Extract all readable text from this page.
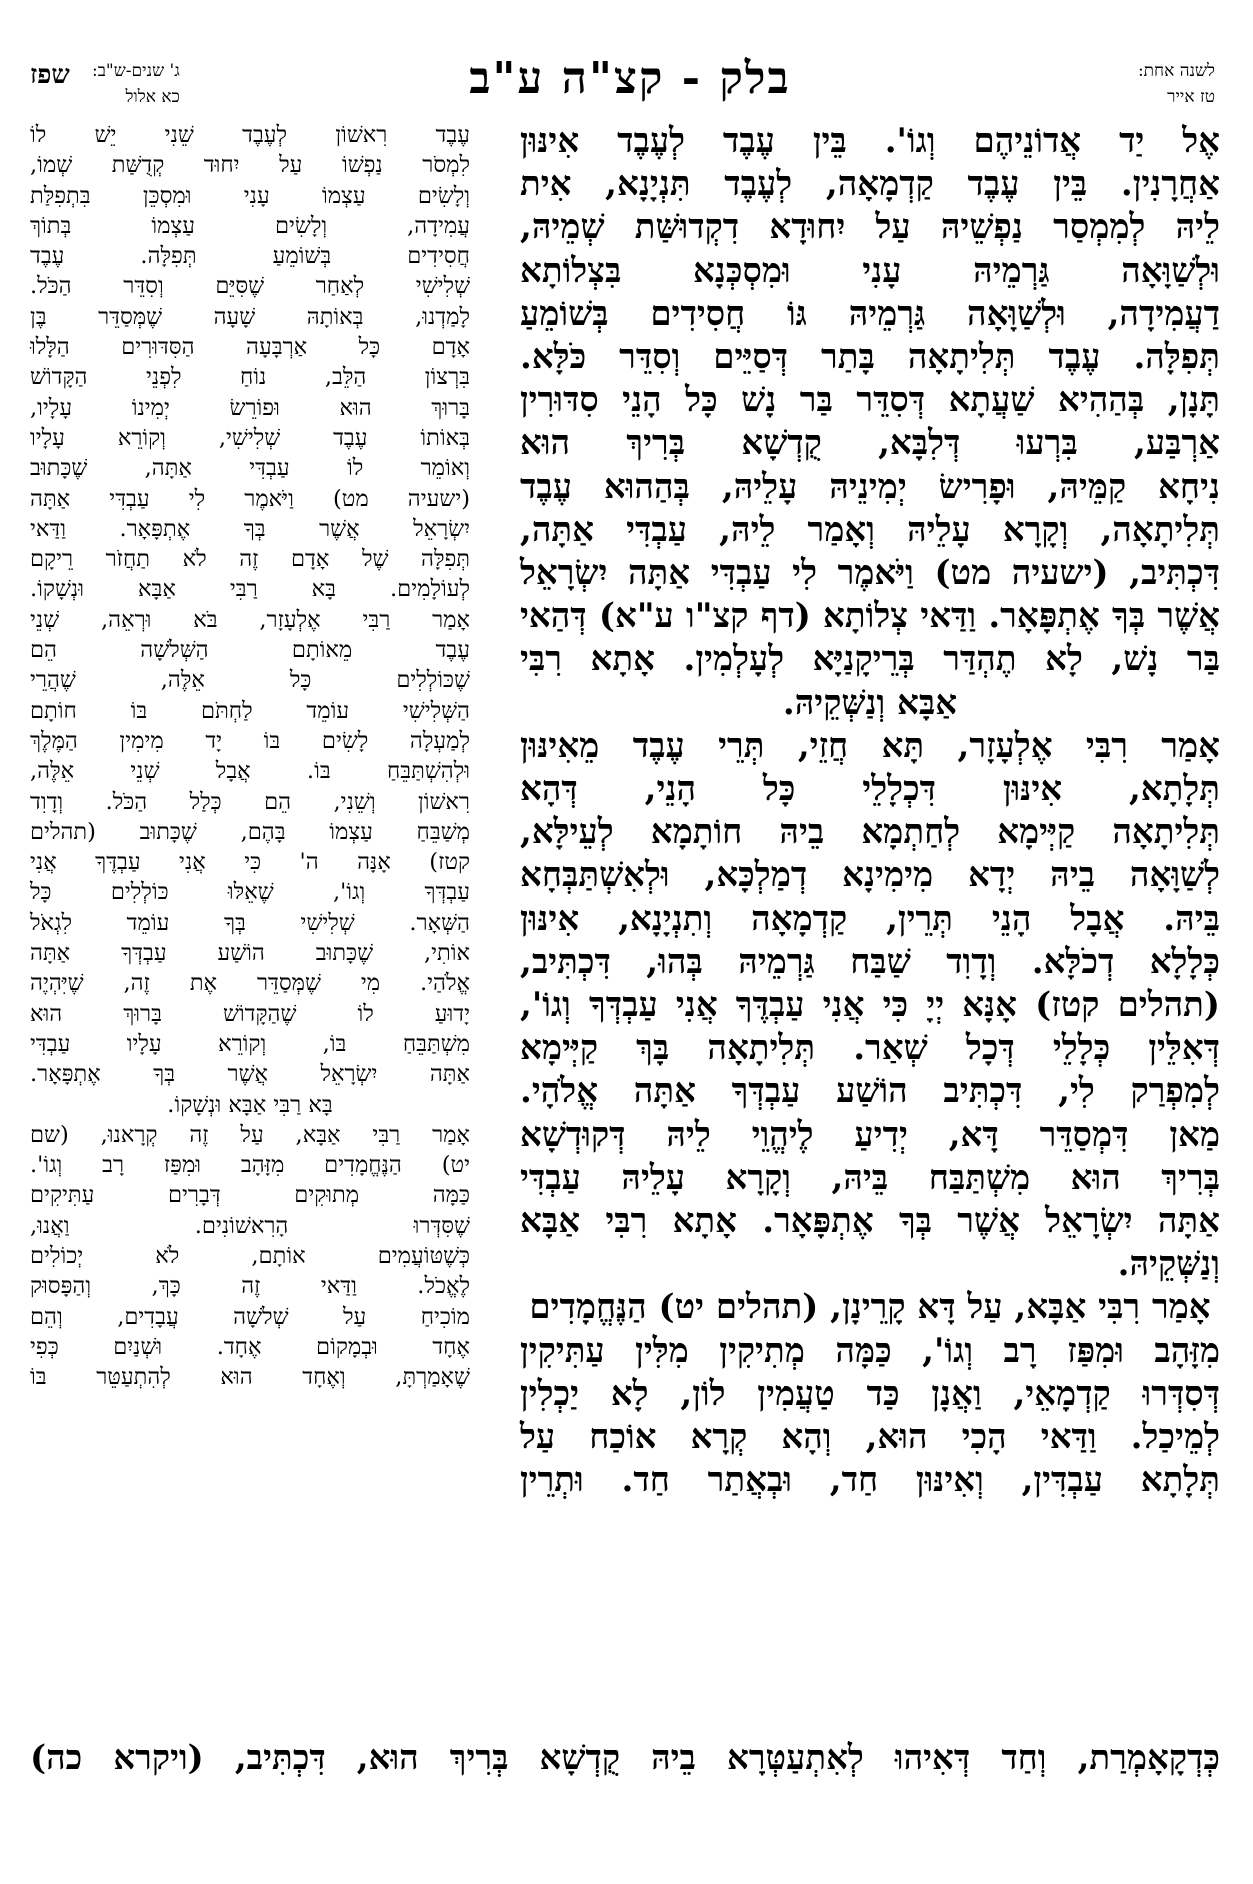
לשנה אחת:
טז אייר
בלק - קצ"ה ע"ב
ג' שנים-ש"ב:
כא אלול
שפז

אֶל יַד אֲדוֹנֵיהֶם וְגוֹ'. בֵּין עֶבֶד לְעֶבֶד אִינּוּן

אַחֲרָנִין. בֵּין עֶבֶד קַדְמָאָה, לְעֶבֶד תִּנְיָנָא, אִית

לֵיהּ לְמִמְסַר נַפְשֵׁיהּ עַל יִחוּדָא דִקְדוּשַּׁת שְׁמֵיהּ,

וּלְשַׁוָּאָה גַּרְמֵיהּ עָנִי וּמִסְכְּנָא בִּצְלוֹתָא

דַעֲמִידָה, וּלְשַׁוָּאָה גַּרְמֵיהּ גּוֹ חֲסִידִים בְּשׁוֹמֵעַ

תְּפִלָּה. עֶבֶד תְּלִיתָאָה בָּתַר דְּסַיֵּים וְסִדֵּר כֹּלָּא.

תָּנָן, בְּהַהִיא שַׁעֲתָא דְּסִדֵּר בַּר נָשׁ כָּל הָנֵי סִדּוּרִין

אַרְבַּע, בִּרְעוּ דְּלִבָּא, קֻדְשָׁא בְּרִיךְ הוּא

נִיחָא קַמֵּיהּ, וּפָרִישׂ יְמִינֵיהּ עָלֵיהּ, בְּהַהוּא עֶבֶד

תְּלִיתָאָה, וְקָרָא עָלֵיהּ וְאָמַר לֵיהּ, עַבְדִּי אַתָּה,

דִּכְתִּיב, (ישעיה מט) וַיֹּאמֶר לִי עַבְדִּי אַתָּה יִשְׂרָאֵל

אֲשֶׁר בְּךָ אֶתְפָּאָר. וַדַּאי צְלוֹתָא (דף קצ"ו ע"א) דְּהַאי

בַּר נָשׁ, לָא תֶהְדַּר בְּרֵיקָנַיָּא לְעָלְמִין. אָתָא רִבִּי

אַבָּא וְנַשְּׁקֵיהּ.

אָמַר רִבִּי אֶלְעָזָר, תָּא חֲזֵי, תְּרֵי עֶבֶד מֵאִינּוּן

תְּלָתָא, אִינּוּן דִּכְלָלֵי כָּל הָנֵי, דְּהָא

תְּלִיתָאָה קַיְּימָא לְחַתְמָא בֵיהּ חוֹתָמָא לְעֵילָּא,

לְשַׁוָּאָה בֵיהּ יְדָא מִימִינָא דְמַלְכָּא, וּלְאִשְׁתַּבְּחָא

בֵּיהּ. אֲבָל הָנֵי תְּרֵין, קַדְמָאָה וְתִנְיָנָא, אִינּוּן

כְּלָלָא דְכֹלָּא. וְדָוִד שַׁבַּח גַּרְמֵיהּ בְּהוּ, דִּכְתִּיב,

(תהלים קטז) אָנָּא יְיָ כִּי אֲנִי עַבְדֶּךָ אֲנִי עַבְדְּךָ וְגוֹ',

דְּאִלֵּין כְּלָלֵי דְּכָל שְׁאַר. תְּלִיתָאָה בָּךְ קַיְּימָא

לְמִפְרַק לִי, דִּכְתִּיב הוֹשַׁע עַבְדְּךָ אַתָּה אֱלֹהָי.

מַאן דִּמְסַדֵּר דָּא, יְדִיעַ לֶיהֱוֵי לֵיהּ דְּקוּדְשָׁא

בְּרִיךְ הוּא מִשְׁתַּבַּח בֵּיהּ, וְקָרָא עָלֵיהּ עַבְדִּי

אַתָּה יִשְׂרָאֵל אֲשֶׁר בְּךָ אֶתְפָּאָר. אָתָא רִבִּי אַבָּא

וְנַשְּׁקֵיהּ.

אָמַר רִבִּי אַבָּא, עַל דָּא קָרֵינָן, (תהלים יט) הַנֶּחֱמָדִים

מִזָּהָב וּמִפַּז רָב וְגוֹ', כַּמָּה מְתִיקִין מִלִּין עַתִּיקִין

דְּסִדְּרוּ קַדְמָאֵי, וַאֲנָן כַּד טַעֲמִין לוֹן, לָא יַכְלִין

לְמֵיכַל. וַדַּאי הָכִי הוּא, וְהָא קְרָא אוֹכַח עַל

תְּלָתָא עַבְדִּין, וְאִינּוּן חַד, וּבְאֲתַר חַד. וּתְרֵין

עֶבֶד רִאשׁוֹן לְעֶבֶד שֵׁנִי יֵשׁ לוֹ

לִמְסֹר נַפְשׁוֹ עַל יִחוּד קְדֻשַּׁת שְׁמוֹ,

וְלָשִׂים עַצְמוֹ עָנִי וּמִסְכֵּן בִּתְפִלַּת

עֲמִידָה, וְלָשִׂים עַצְמוֹ בְּתוֹךְ

חֲסִידִים בְּשׁוֹמֵעַ תְּפִלָּה. עֶבֶד

שְׁלִישִׁי לְאַחַר שֶׁסִּיֵּם וְסִדֵּר הַכֹּל.

לָמַדְנוּ, בְּאוֹתָהּ שָׁעָה שֶׁמְּסַדֵּר בֶּן

אָדָם כָּל אַרְבָּעָה הַסִּדּוּרִים הַלָּלוּ

בִּרְצוֹן הַלֵּב, נוֹחַ לִפְנֵי הַקָּדוֹשׁ

בָּרוּךְ הוּא וּפוֹרֵשׂ יְמִינוֹ עָלָיו,

בְּאוֹתוֹ עֶבֶד שְׁלִישִׁי, וְקוֹרֵא עָלָיו

וְאוֹמֵר לוֹ עַבְדִּי אַתָּה, שֶׁכָּתוּב

(ישעיה מט) וַיֹּאמֶר לִי עַבְדִּי אַתָּה

יִשְׂרָאֵל אֲשֶׁר בְּךָ אֶתְפָּאָר. וַדַּאי

תְּפִלָּה שֶׁל אָדָם זֶה לֹא תַחֲזֹר רֵיקָם

לְעוֹלָמִים. בָּא רַבִּי אַבָּא וּנְשָׁקוֹ.

אָמַר רַבִּי אֶלְעָזָר, בֹּא וּרְאֵה, שְׁנֵי

עֶבֶד מֵאוֹתָם הַשְּׁלֹשָׁה הֵם

שֶׁכּוֹלְלִים כָּל אֵלֶּה, שֶׁהֲרֵי

הַשְּׁלִישִׁי עוֹמֵד לַחְתֹּם בּוֹ חוֹתָם

לְמַעְלָה לָשִׂים בּוֹ יָד מִימִין הַמֶּלֶךְ

וּלְהִשְׁתַּבֵּחַ בּוֹ. אֲבָל שְׁנֵי אֵלֶּה,

רִאשׁוֹן וְשֵׁנִי, הֵם כְּלַל הַכֹּל. וְדָוִד

מְשַׁבֵּחַ עַצְמוֹ בָּהֶם, שֶׁכָּתוּב (תהלים

קטז) אָנָּה ה' כִּי אֲנִי עַבְדֶּךָ אֲנִי

עַבְדְּךָ וְגוֹ', שֶׁאֵלּוּ כּוֹלְלִים כָּל

הַשְּׁאָר. שְׁלִישִׁי בְּךָ עוֹמֵד לִגְאֹל

אוֹתִי, שֶׁכָּתוּב הוֹשַׁע עַבְדְּךָ אַתָּה

אֱלֹהַי. מִי שֶׁמְּסַדֵּר אֶת זֶה, שֶׁיִּהְיֶה

יָדוּעַ לוֹ שֶׁהַקָּדוֹשׁ בָּרוּךְ הוּא

מִשְׁתַּבֵּחַ בּוֹ, וְקוֹרֵא עָלָיו עַבְדִּי

אַתָּה יִשְׂרָאֵל אֲשֶׁר בְּךָ אֶתְפָּאָר.

בָּא רַבִּי אַבָּא וּנְשָׁקוֹ.

אָמַר רַבִּי אַבָּא, עַל זֶה קְרָאנוּ, (שם

יט) הַנֶּחֱמָדִים מִזָּהָב וּמִפַּז רָב וְגוֹ'.

כַּמָּה מְתוּקִים דְּבָרִים עַתִּיקִים

שֶׁסִּדְּרוּ הָרִאשׁוֹנִים. וַאֲנוּ,

כְּשֶׁטּוֹעֲמִים אוֹתָם, לֹא יְכוֹלִים

לֶאֱכֹל. וַדַּאי זֶה כָּךְ, וְהַפָּסוּק

מוֹכִיחַ עַל שְׁלֹשָׁה עֲבָדִים, וְהֵם

אֶחָד וּבְמָקוֹם אֶחָד. וּשְׁנַיִם כְּפִי

שֶׁאָמַרְתָּ, וְאֶחָד הוּא לְהִתְעַטֵּר בּוֹ

כְּדְקָאָמְרַת, וְחַד דְּאִיהוּ לְאִתְעַטְּרָא בֵיהּ קֻדְשָׁא בְּרִיךְ הוּא, דִּכְתִּיב, (ויקרא כה)
